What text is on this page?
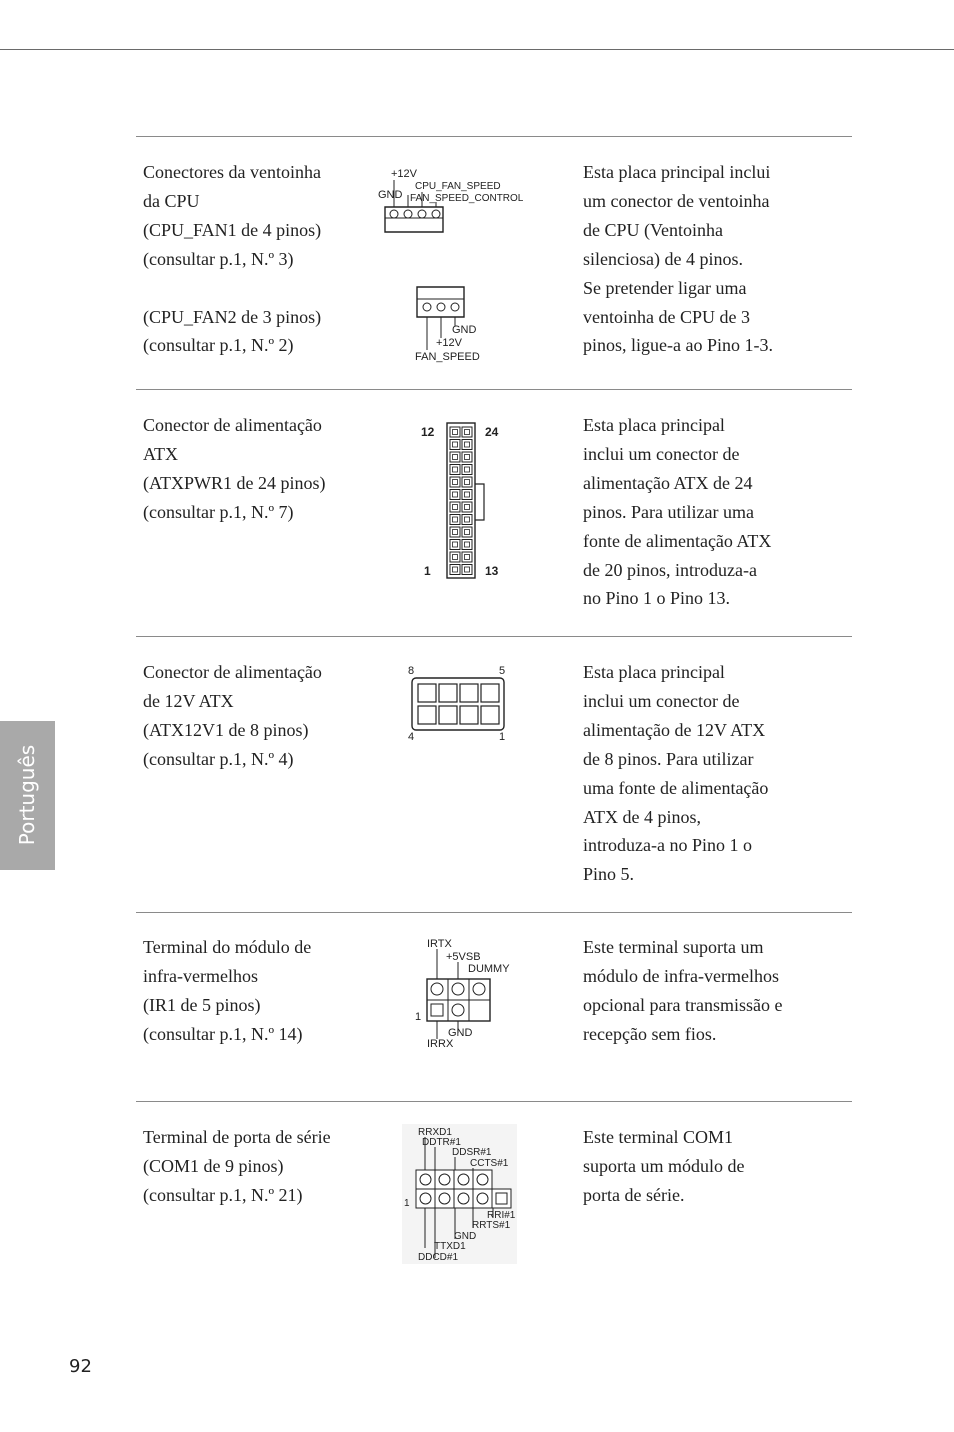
Conectores da ventoinha

da CPU

(CPU_FAN1 de 4 pinos)

(consultar p.1, N.º 3)

(CPU_FAN2 de 3 pinos)

(consultar p.1, N.º 2)

+12V
GND
CPU_FAN_SPEED
FAN_SPEED_CONTROL
GND
+12V
FAN_SPEED

Esta placa principal inclui

um conector de ventoinha

de CPU (Ventoinha

silenciosa) de 4 pinos.

Se pretender ligar uma

ventoinha de CPU de 3

pinos, ligue-a ao Pino 1-3.

Conector de alimentação

ATX

(ATXPWR1 de 24 pinos)

(consultar p.1, N.º 7)

12	24
1	13

Esta placa principal

inclui um conector de

alimentação ATX de 24

pinos. Para utilizar uma

fonte de alimentação ATX

de 20 pinos, introduza-a

no Pino 1 o Pino 13.

Conector de alimentação

de 12V ATX

(ATX12V1 de 8 pinos)

(consultar p.1, N.º 4)

8	5
4	1

Esta placa principal

inclui um conector de

alimentação de 12V ATX

de 8 pinos. Para utilizar

uma fonte de alimentação

ATX de 4 pinos,

introduza-a no Pino 1 o

Pino 5.

Terminal do módulo de

infra-vermelhos

(IR1 de 5 pinos)

(consultar p.1, N.º 14)

IRTX
+5VSB
DUMMY
1
GND
IRRX

Este terminal suporta um

módulo de infra-vermelhos

opcional para transmissão e

recepção sem fios.

Terminal de porta de série

(COM1 de 9 pinos)

(consultar p.1, N.º 21)

RRXD1
DDTR#1
DDSR#1
CCTS#1
1
RRI#1
RRTS#1
GND
TTXD1
DDCD#1

Este terminal COM1

suporta um módulo de

porta de série.

Português
92
